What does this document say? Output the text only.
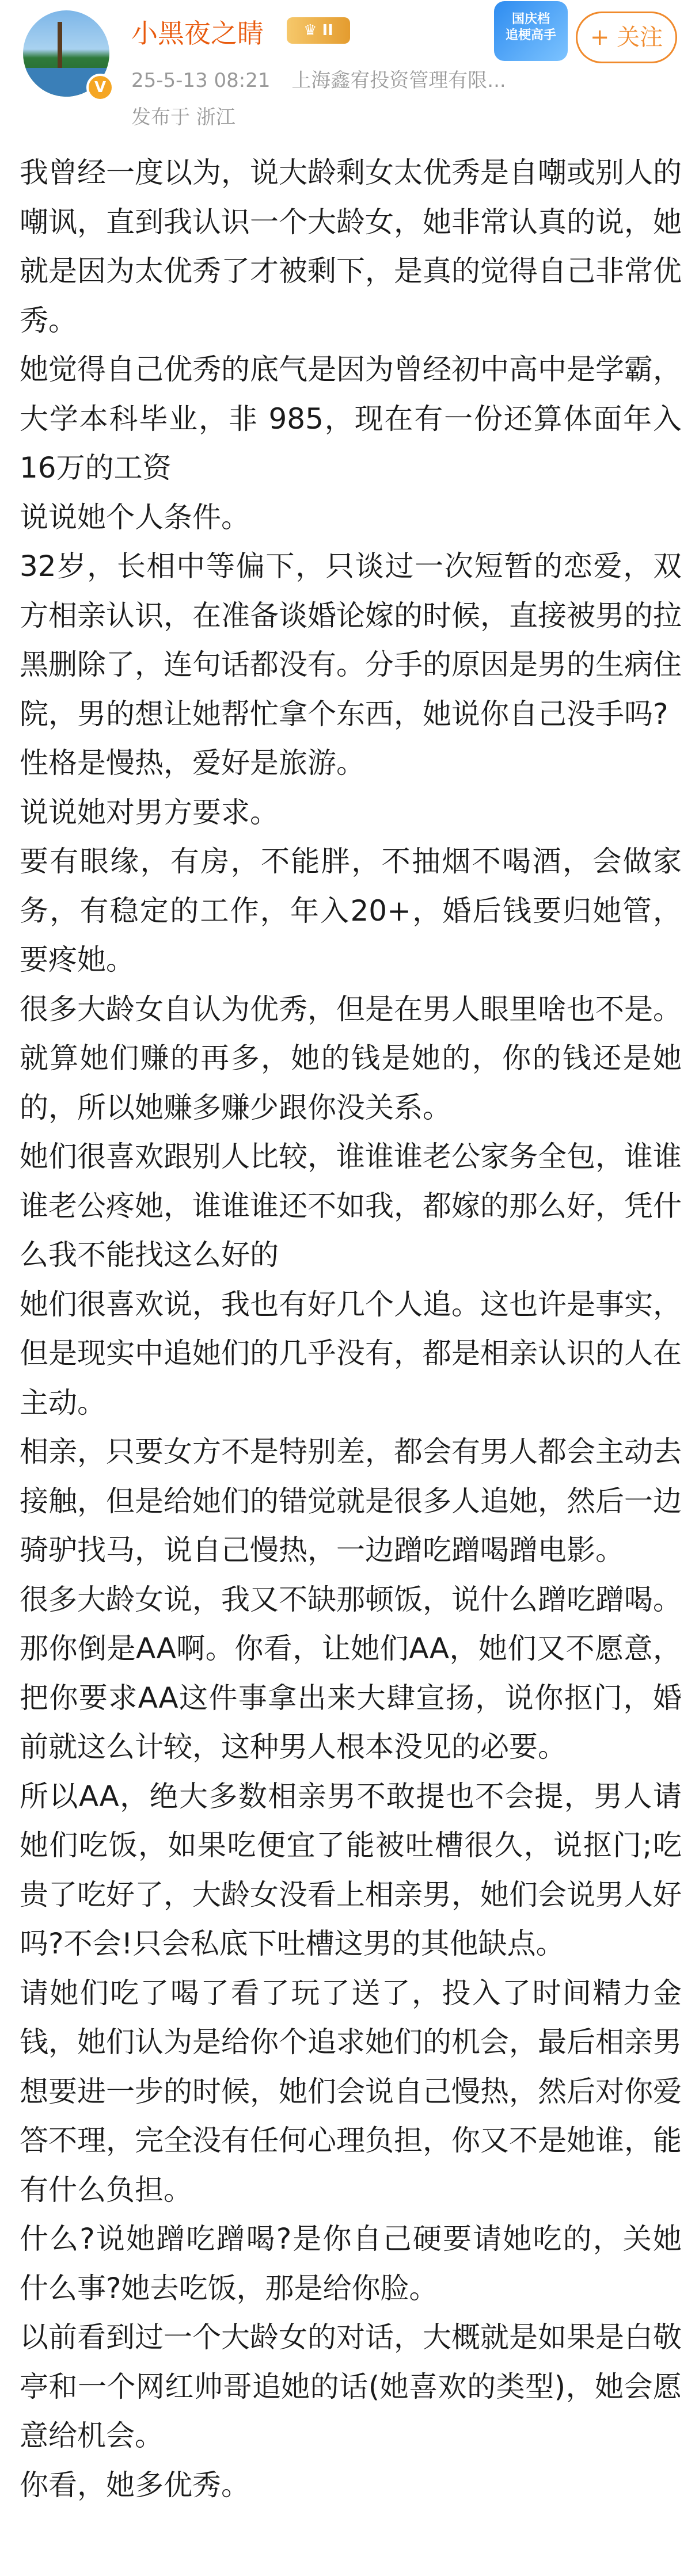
V
小黑夜之睛	♛ II
国庆档
追梗高手	+ 关注
25-5-13 08:21 上海鑫宥投资管理有限...
发布于 浙江

我曾经一度以为，说大龄剩女太优秀是自嘲或别人的嘲讽，直到我认识一个大龄女，她非常认真的说，她就是因为太优秀了才被剩下，是真的觉得自己非常优秀。

她觉得自己优秀的底气是因为曾经初中高中是学霸，大学本科毕业，非 985，现在有一份还算体面年入 16万的工资

说说她个人条件。

32岁，长相中等偏下，只谈过一次短暂的恋爱，双方相亲认识，在准备谈婚论嫁的时候，直接被男的拉黑删除了，连句话都没有。分手的原因是男的生病住院，男的想让她帮忙拿个东西，她说你自己没手吗?

性格是慢热，爱好是旅游。

说说她对男方要求。

要有眼缘，有房，不能胖，不抽烟不喝酒，会做家务，有稳定的工作，年入20+，婚后钱要归她管，要疼她。

很多大龄女自认为优秀，但是在男人眼里啥也不是。

就算她们赚的再多，她的钱是她的，你的钱还是她的，所以她赚多赚少跟你没关系。

她们很喜欢跟别人比较，谁谁谁老公家务全包，谁谁谁老公疼她，谁谁谁还不如我，都嫁的那么好，凭什么我不能找这么好的

她们很喜欢说，我也有好几个人追。这也许是事实，但是现实中追她们的几乎没有，都是相亲认识的人在主动。

相亲，只要女方不是特别差，都会有男人都会主动去接触，但是给她们的错觉就是很多人追她，然后一边骑驴找马，说自己慢热，一边蹭吃蹭喝蹭电影。

很多大龄女说，我又不缺那顿饭，说什么蹭吃蹭喝。

那你倒是AA啊。你看，让她们AA，她们又不愿意，把你要求AA这件事拿出来大肆宣扬，说你抠门，婚前就这么计较，这种男人根本没见的必要。

所以AA，绝大多数相亲男不敢提也不会提，男人请她们吃饭，如果吃便宜了能被吐槽很久，说抠门;吃贵了吃好了，大龄女没看上相亲男，她们会说男人好吗?不会!只会私底下吐槽这男的其他缺点。

请她们吃了喝了看了玩了送了，投入了时间精力金钱，她们认为是给你个追求她们的机会，最后相亲男想要进一步的时候，她们会说自己慢热，然后对你爱答不理，完全没有任何心理负担，你又不是她谁，能有什么负担。

什么?说她蹭吃蹭喝?是你自己硬要请她吃的，关她什么事?她去吃饭，那是给你脸。

以前看到过一个大龄女的对话，大概就是如果是白敬亭和一个网红帅哥追她的话(她喜欢的类型)，她会愿意给机会。

你看，她多优秀。
